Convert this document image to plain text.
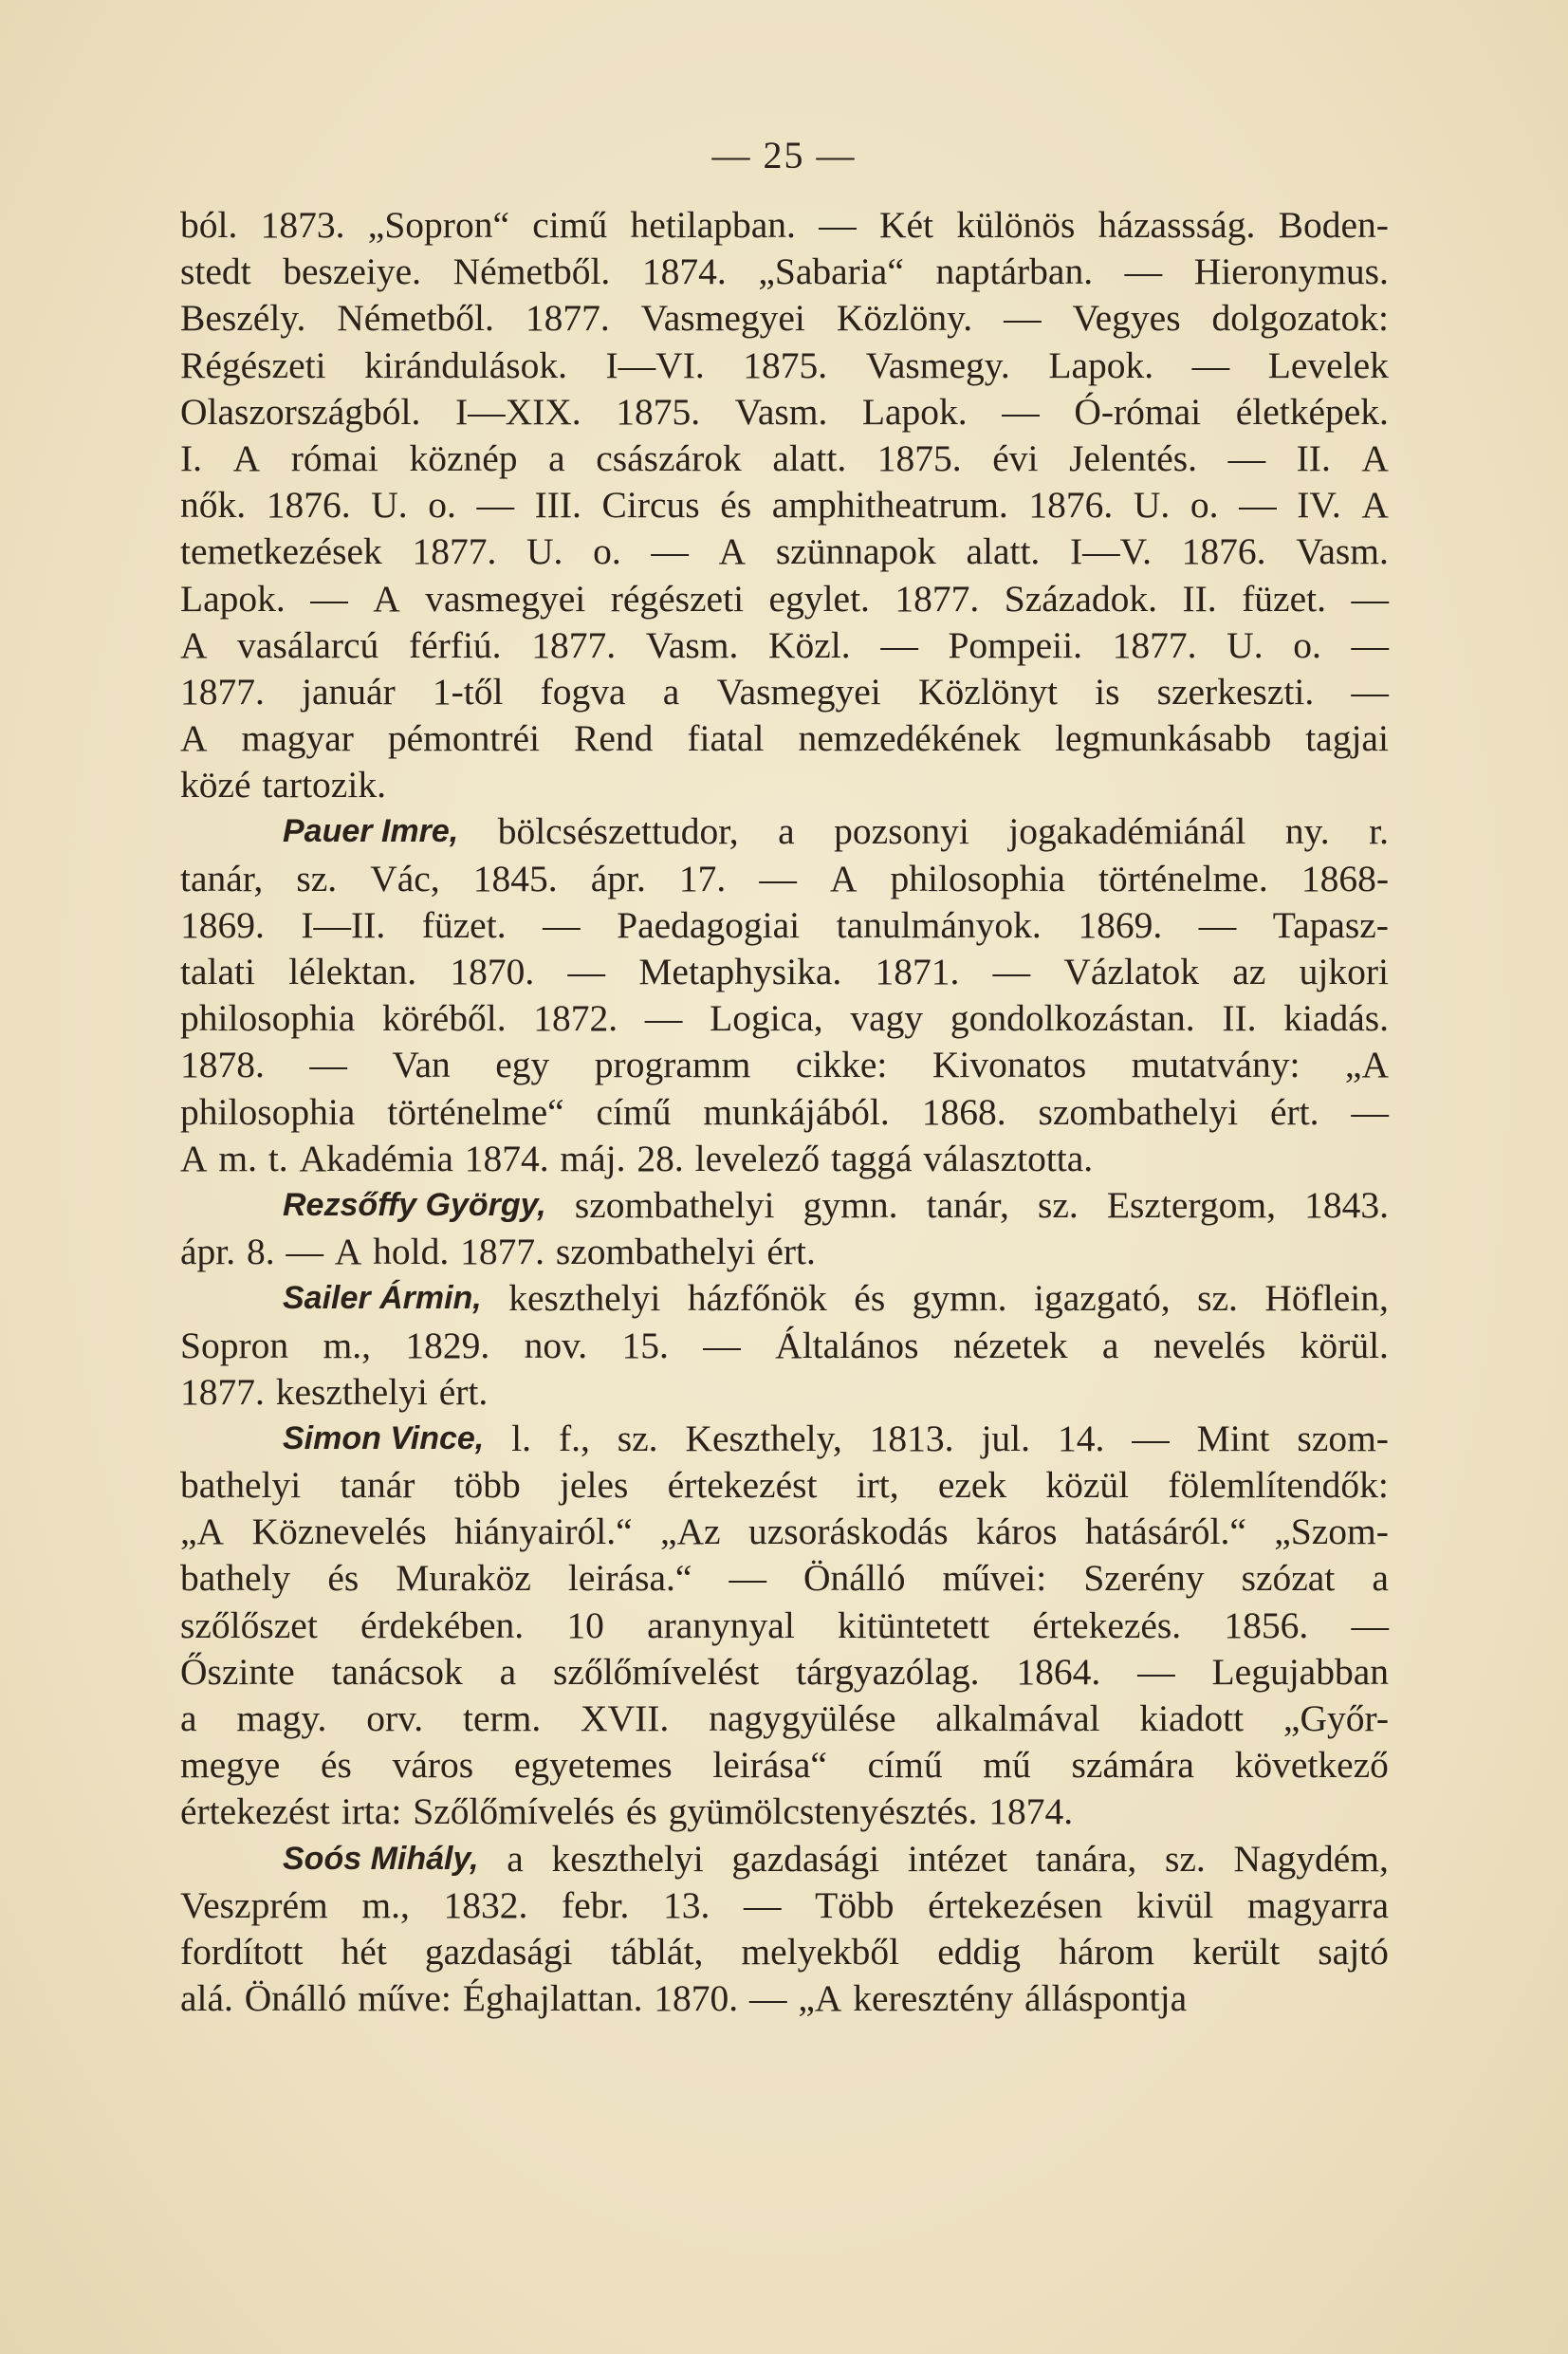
— 25 —
ból. 1873. „Sopron“ cimű hetilapban. — Két különös házassság. Boden-
stedt beszeiye. Németből. 1874. „Sabaria“ naptárban. — Hieronymus.
Beszély. Németből. 1877. Vasmegyei Közlöny. — Vegyes dolgozatok:
Régészeti kirándulások. I—VI. 1875. Vasmegy. Lapok. — Levelek
Olaszországból. I—XIX. 1875. Vasm. Lapok. — Ó-római életképek.
I. A római köznép a császárok alatt. 1875. évi Jelentés. — II. A
nők. 1876. U. o. — III. Circus és amphitheatrum. 1876. U. o. — IV. A
temetkezések 1877. U. o. — A szünnapok alatt. I—V. 1876. Vasm.
Lapok. — A vasmegyei régészeti egylet. 1877. Századok. II. füzet. —
A vasálarcú férfiú. 1877. Vasm. Közl. — Pompeii. 1877. U. o. —
1877. január 1-től fogva a Vasmegyei Közlönyt is szerkeszti. —
A magyar pémontréi Rend fiatal nemzedékének legmunkásabb tagjai
közé tartozik.
Pauer Imre, bölcsészettudor, a pozsonyi jogakadémiánál ny. r.
tanár, sz. Vác, 1845. ápr. 17. — A philosophia történelme. 1868-
1869. I—II. füzet. — Paedagogiai tanulmányok. 1869. — Tapasz-
talati lélektan. 1870. — Metaphysika. 1871. — Vázlatok az ujkori
philosophia köréből. 1872. — Logica, vagy gondolkozástan. II. kiadás.
1878. — Van egy programm cikke: Kivonatos mutatvány: „A
philosophia történelme“ című munkájából. 1868. szombathelyi ért. —
A m. t. Akadémia 1874. máj. 28. levelező taggá választotta.
Rezsőffy György, szombathelyi gymn. tanár, sz. Esztergom, 1843.
ápr. 8. — A hold. 1877. szombathelyi ért.
Sailer Ármin, keszthelyi házfőnök és gymn. igazgató, sz. Höflein,
Sopron m., 1829. nov. 15. — Általános nézetek a nevelés körül.
1877. keszthelyi ért.
Simon Vince, l. f., sz. Keszthely, 1813. jul. 14. — Mint szom-
bathelyi tanár több jeles értekezést irt, ezek közül fölemlítendők:
„A Köznevelés hiányairól.“ „Az uzsoráskodás káros hatásáról.“ „Szom-
bathely és Muraköz leirása.“ — Önálló művei: Szerény szózat a
szőlőszet érdekében. 10 aranynyal kitüntetett értekezés. 1856. —
Őszinte tanácsok a szőlőmívelést tárgyazólag. 1864. — Legujabban
a magy. orv. term. XVII. nagygyülése alkalmával kiadott „Győr-
megye és város egyetemes leirása“ című mű számára következő
értekezést irta: Szőlőmívelés és gyümölcstenyésztés. 1874.
Soós Mihály, a keszthelyi gazdasági intézet tanára, sz. Nagydém,
Veszprém m., 1832. febr. 13. — Több értekezésen kivül magyarra
fordított hét gazdasági táblát, melyekből eddig három került sajtó
alá. Önálló műve: Éghajlattan. 1870. — „A keresztény álláspontja
